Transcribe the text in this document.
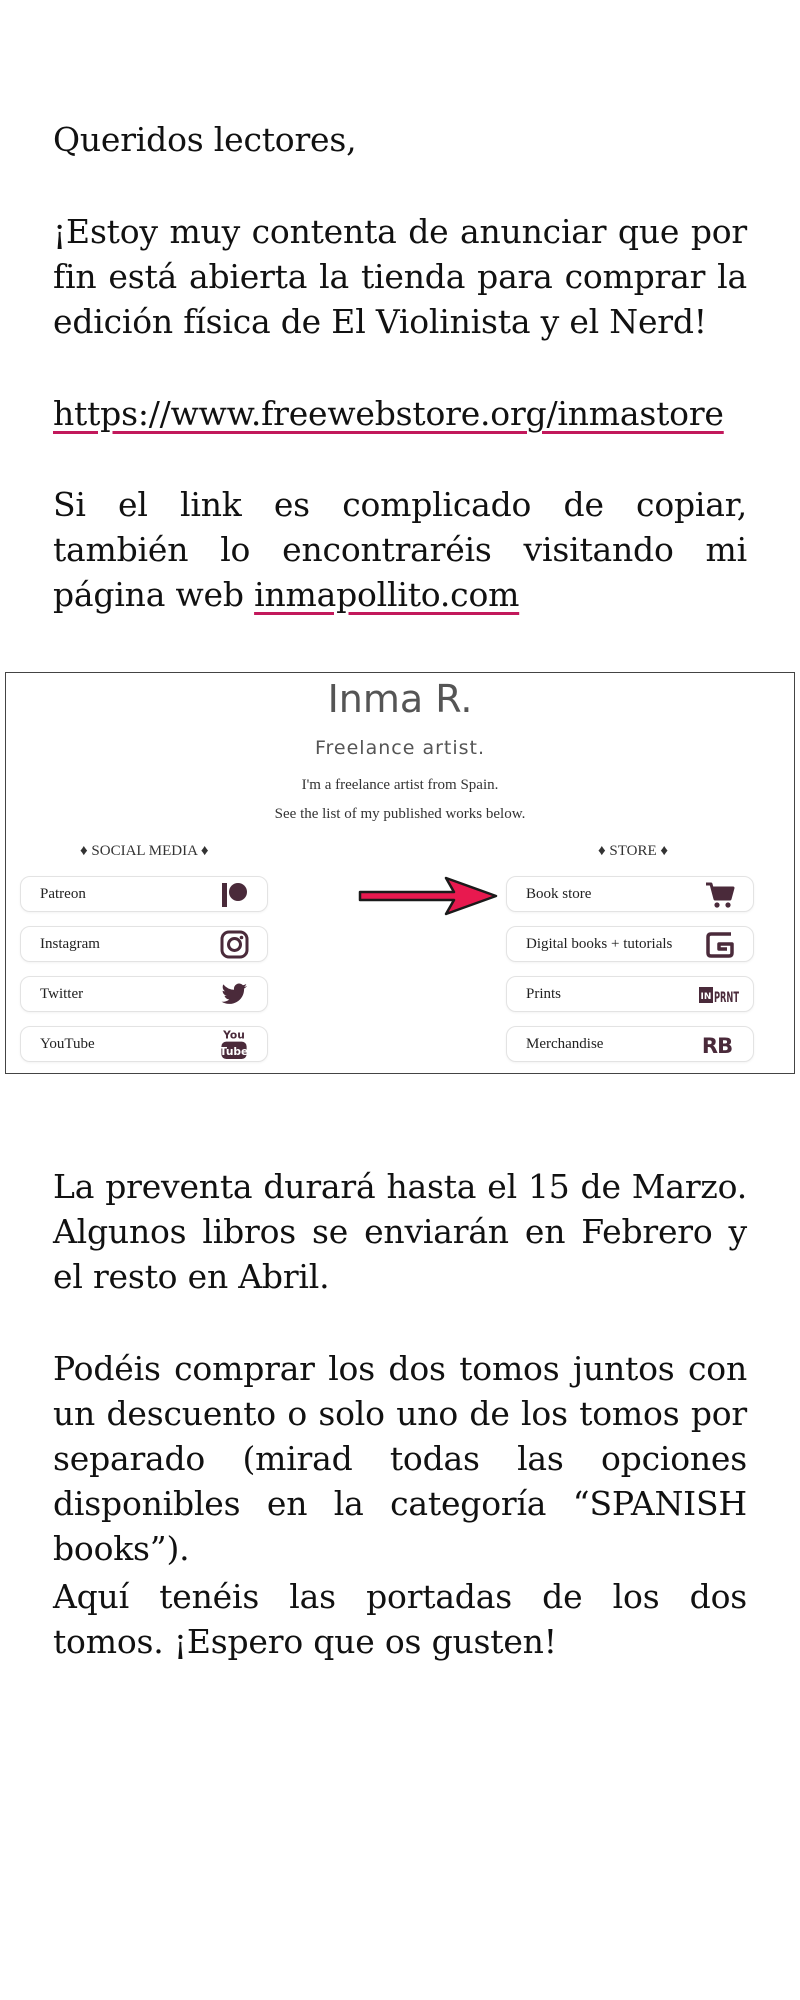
Queridos lectores,

¡Estoy muy contenta de anunciar que por fin está abierta la tienda para comprar la edición física de El Violinista y el Nerd!

https://www.freewebstore.org/inmastore

Si el link es complicado de copiar, también lo encontraréis visitando mi página web inmapollito.com

Inma R.
Freelance artist.
I'm a freelance artist from Spain.
See the list of my published works below.
♦ SOCIAL MEDIA ♦	♦ STORE ♦
Patreon
Instagram
Twitter
YouTube
You
Tube
Book store
Digital books + tutorials
Prints	IN PRNT
Merchandise	RB

La preventa durará hasta el 15 de Marzo. Algunos libros se enviarán en Febrero y el resto en Abril.

Podéis comprar los dos tomos juntos con un descuento o solo uno de los tomos por separado (mirad todas las opciones disponibles en la categoría “SPANISH books”).

Aquí tenéis las portadas de los dos tomos. ¡Espero que os gusten!
